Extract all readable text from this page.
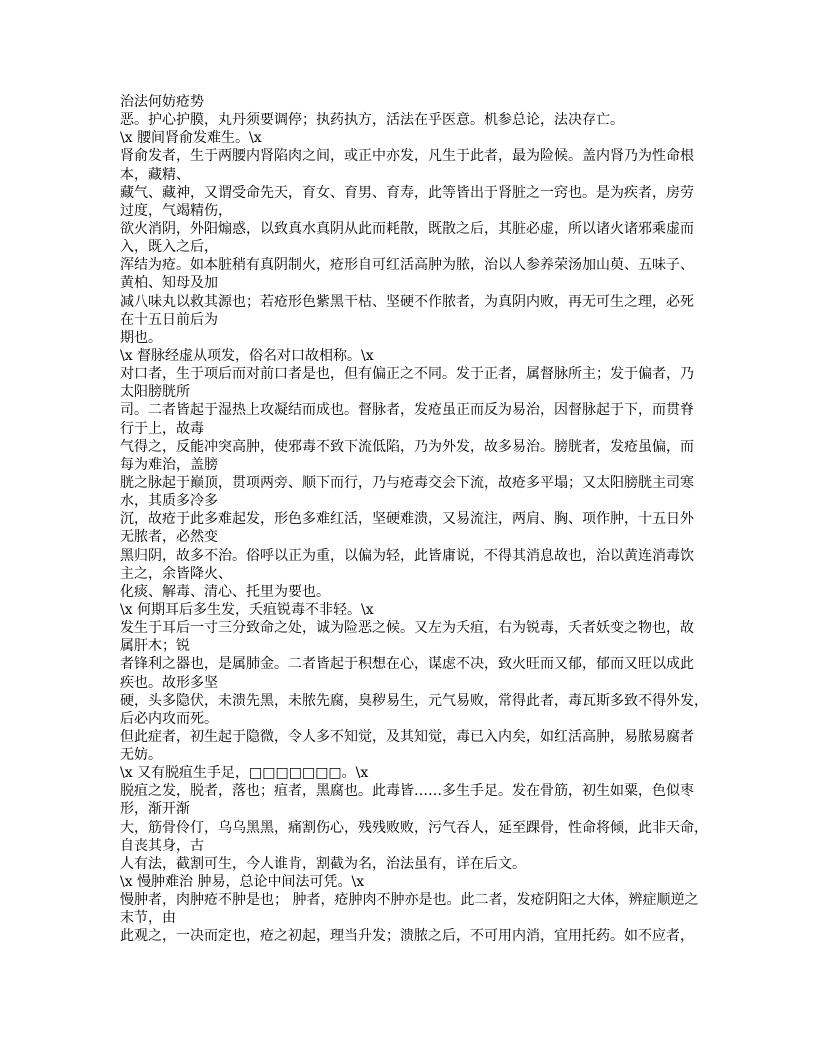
治法何妨疮势
恶。护心护膜，丸丹须要调停；执药执方，活法在乎医意。机参总论，法决存亡。
\x 腰间肾俞发难生。\x
肾俞发者，生于两腰内肾陷肉之间，或正中亦发，凡生于此者，最为险候。盖内肾乃为性命根
本，藏精、
藏气、藏神，又谓受命先天，育女、育男、育寿，此等皆出于肾脏之一窍也。是为疾者，房劳
过度，气竭精伤，
欲火消阴，外阳煽惑，以致真水真阴从此而耗散，既散之后，其脏必虚，所以诸火诸邪乘虚而
入，既入之后，
浑结为疮。如本脏稍有真阴制火，疮形自可红活高肿为脓，治以人参养荣汤加山萸、五味子、
黄柏、知母及加
减八味丸以救其源也；若疮形色紫黑干枯、坚硬不作脓者，为真阴内败，再无可生之理，必死
在十五日前后为
期也。
\x 督脉经虚从项发，俗名对口故相称。\x
对口者，生于项后而对前口者是也，但有偏正之不同。发于正者，属督脉所主；发于偏者，乃
太阳膀胱所
司。二者皆起于湿热上攻凝结而成也。督脉者，发疮虽正而反为易治，因督脉起于下，而贯脊
行于上，故毒
气得之，反能冲突高肿，使邪毒不致下流低陷，乃为外发，故多易治。膀胱者，发疮虽偏，而
每为难治，盖膀
胱之脉起于巅顶，贯项两旁、顺下而行，乃与疮毒交会下流，故疮多平塌；又太阳膀胱主司寒
水，其质多冷多
沉，故疮于此多难起发，形色多难红活，坚硬难溃，又易流注，两肩、胸、项作肿，十五日外
无脓者，必然变
黑归阴，故多不治。俗呼以正为重，以偏为轻，此皆庸说，不得其消息故也，治以黄连消毒饮
主之，余皆降火、
化痰、解毒、清心、托里为要也。
\x 何期耳后多生发，夭疽锐毒不非轻。\x
发生于耳后一寸三分致命之处，诚为险恶之候。又左为夭疽，右为锐毒，夭者妖变之物也，故
属肝木；锐
者锋利之器也，是属肺金。二者皆起于积想在心，谋虑不决，致火旺而又郁，郁而又旺以成此
疾也。故形多坚
硬，头多隐伏，未溃先黑，未脓先腐，臭秽易生，元气易败，常得此者，毒瓦斯多致不得外发，
后必内攻而死。
但此症者，初生起于隐微，令人多不知觉，及其知觉，毒已入内矣，如红活高肿，易脓易腐者
无妨。
\x 又有脱疽生手足，□□□□□□□。\x
脱疽之发，脱者，落也；疽者，黑腐也。此毒皆……多生手足。发在骨筋，初生如粟，色似枣
形，渐开渐
大，筋骨伶仃，乌乌黑黑，痛割伤心，残残败败，污气吞人，延至踝骨，性命将倾，此非天命，
自丧其身，古
人有法，截割可生，今人谁肯，割截为名，治法虽有，详在后文。
\x 慢肿难治 肿易，总论中间法可凭。\x
慢肿者，肉肿疮不肿是也； 肿者，疮肿肉不肿亦是也。此二者，发疮阴阳之大体，辨症顺逆之
末节，由
此观之，一决而定也，疮之初起，理当升发；溃脓之后，不可用内消，宜用托药。如不应者，
